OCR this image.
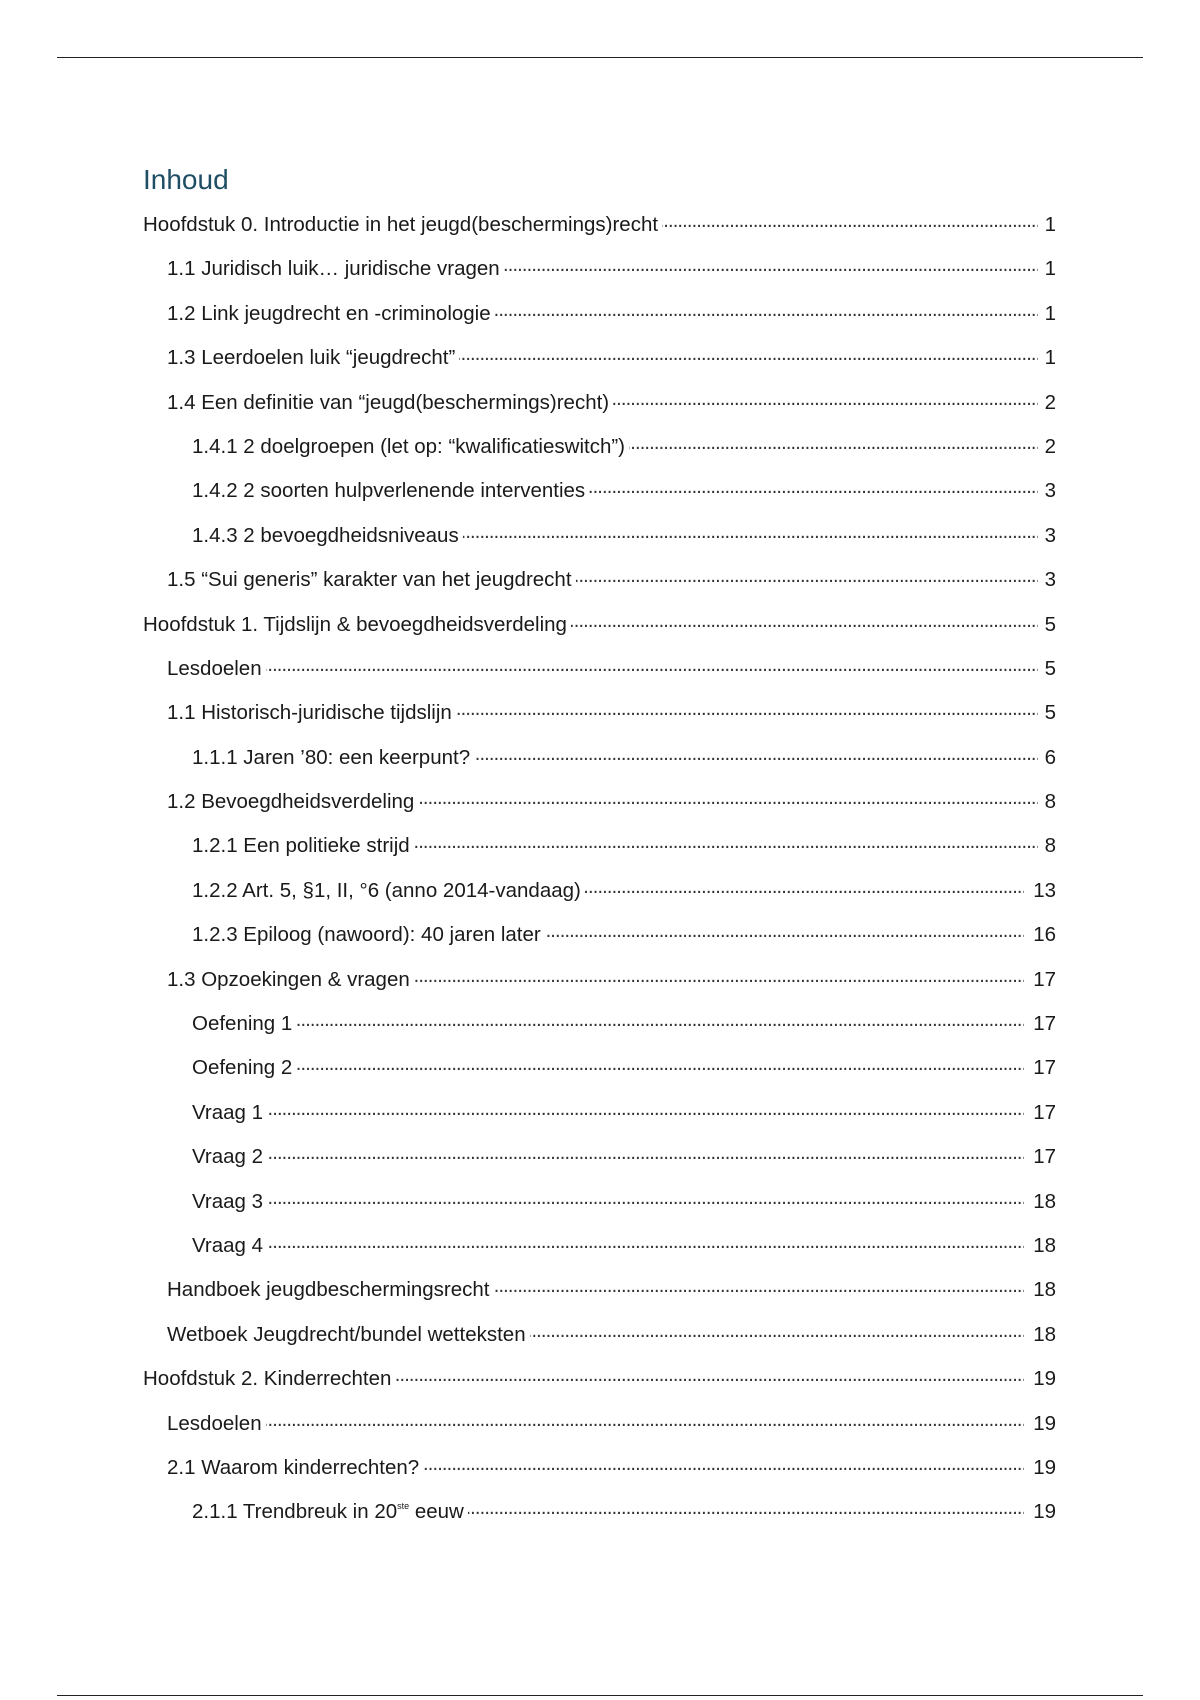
Inhoud
Hoofdstuk 0. Introductie in het jeugd(beschermings)recht . . .	1
1.1 Juridisch luik… juridische vragen . . .	1
1.2 Link jeugdrecht en -criminologie . . .	1
1.3 Leerdoelen luik “jeugdrecht” . . .	1
1.4 Een definitie van “jeugd(beschermings)recht) . . .	2
1.4.1 2 doelgroepen (let op: “kwalificatieswitch”) . . .	2
1.4.2 2 soorten hulpverlenende interventies . . .	3
1.4.3 2 bevoegdheidsniveaus . . .	3
1.5 “Sui generis” karakter van het jeugdrecht . . .	3
Hoofdstuk 1. Tijdslijn & bevoegdheidsverdeling . . .	5
Lesdoelen . . .	5
1.1 Historisch-juridische tijdslijn . . .	5
1.1.1 Jaren ’80: een keerpunt? . . .	6
1.2 Bevoegdheidsverdeling . . .	8
1.2.1 Een politieke strijd . . .	8
1.2.2 Art. 5, §1, II, °6 (anno 2014-vandaag) . . .	13
1.2.3 Epiloog (nawoord): 40 jaren later . . .	16
1.3 Opzoekingen & vragen . . .	17
Oefening 1 . . .	17
Oefening 2 . . .	17
Vraag 1 . . .	17
Vraag 2 . . .	17
Vraag 3 . . .	18
Vraag 4 . . .	18
Handboek jeugdbeschermingsrecht . . .	18
Wetboek Jeugdrecht/bundel wetteksten . . .	18
Hoofdstuk 2. Kinderrechten . . .	19
Lesdoelen . . .	19
2.1 Waarom kinderrechten? . . .	19
2.1.1 Trendbreuk in 20ste eeuw . . .	19
